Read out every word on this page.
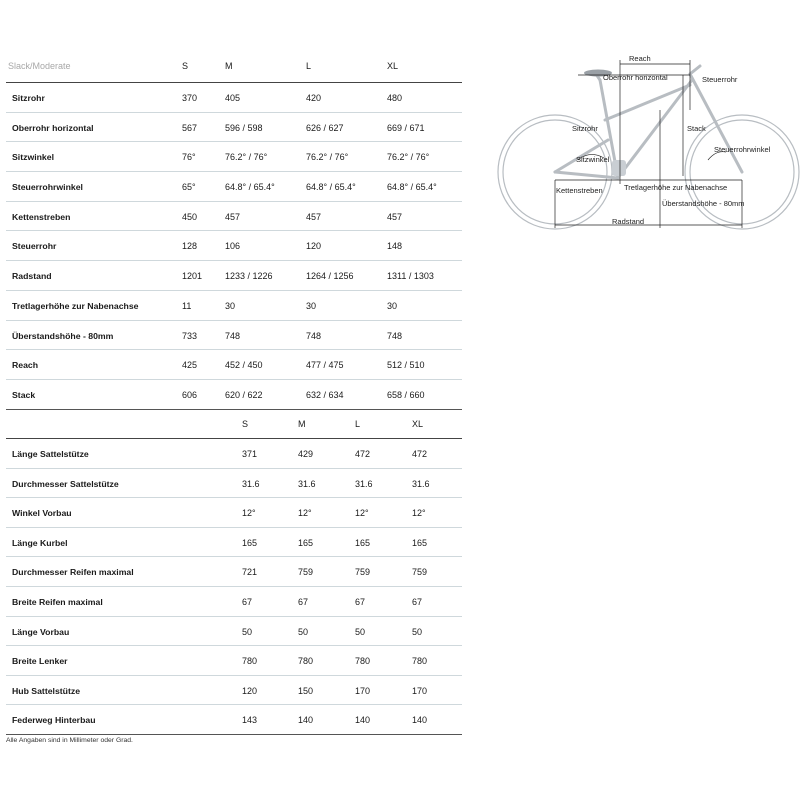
Slack/Moderate	S	M	L	XL
Sitzrohr	370	405	420	480
Oberrohr horizontal	567	596 / 598	626 / 627	669 / 671
Sitzwinkel	76°	76.2° / 76°	76.2° / 76°	76.2° / 76°
Steuerrohrwinkel	65°	64.8° / 65.4°	64.8° / 65.4°	64.8° / 65.4°
Kettenstreben	450	457	457	457
Steuerrohr	128	106	120	148
Radstand	1201	1233 / 1226	1264 / 1256	1311 / 1303
Tretlagerhöhe zur Nabenachse	11	30	30	30
Überstandshöhe - 80mm	733	748	748	748
Reach	425	452 / 450	477 / 475	512 / 510
Stack	606	620 / 622	632 / 634	658 / 660
S	M	L	XL
Länge Sattelstütze	371	429	472	472
Durchmesser Sattelstütze	31.6	31.6	31.6	31.6
Winkel Vorbau	12°	12°	12°	12°
Länge Kurbel	165	165	165	165
Durchmesser Reifen maximal	721	759	759	759
Breite Reifen maximal	67	67	67	67
Länge Vorbau	50	50	50	50
Breite Lenker	780	780	780	780
Hub Sattelstütze	120	150	170	170
Federweg Hinterbau	143	140	140	140
Alle Angaben sind in Millimeter oder Grad.
Reach
Oberrohr horizontal	Steuerrohr
Sitzrohr	Stack
Sitzwinkel
Steuerrohrwinkel
Kettenstreben	Tretlagerhöhe zur Nabenachse
Überstandshöhe - 80mm
Radstand
